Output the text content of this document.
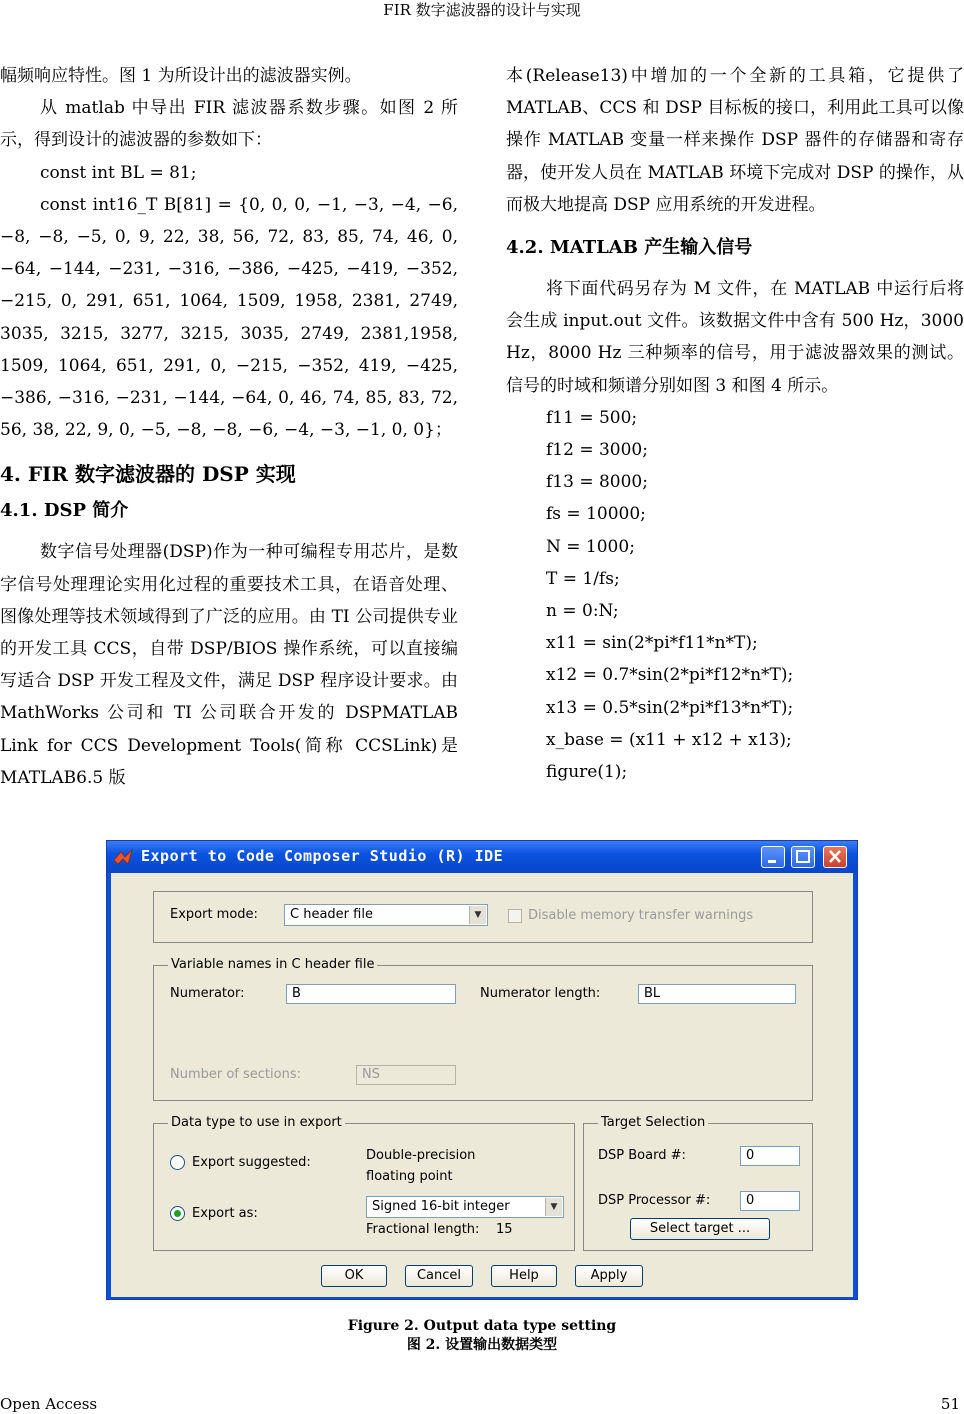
FIR 数字滤波器的设计与实现

幅频响应特性。图 1 为所设计出的滤波器实例。

从 matlab 中导出 FIR 滤波器系数步骤。如图 2 所示，得到设计的滤波器的参数如下：

const int BL = 81;

const int16_T B[81] = {0, 0, 0, −1, −3, −4, −6, −8, −8, −5, 0, 9, 22, 38, 56, 72, 83, 85, 74, 46, 0, −64, −144, −231, −316, −386, −425, −419, −352, −215, 0, 291, 651, 1064, 1509, 1958, 2381, 2749, 3035, 3215, 3277, 3215, 3035, 2749, 2381,1958, 1509, 1064, 651, 291, 0, −215, −352, 419, −425, −386, −316, −231, −144, −64, 0, 46, 74, 85, 83, 72, 56, 38, 22, 9, 0, −5, −8, −8, −6, −4, −3, −1, 0, 0}；

4. FIR 数字滤波器的 DSP 实现
4.1. DSP 简介

数字信号处理器(DSP)作为一种可编程专用芯片，是数字信号处理理论实用化过程的重要技术工具，在语音处理、图像处理等技术领域得到了广泛的应用。由 TI 公司提供专业的开发工具 CCS，自带 DSP/BIOS 操作系统，可以直接编写适合 DSP 开发工程及文件，满足 DSP 程序设计要求。由 MathWorks 公司和 TI 公司联合开发的 DSPMATLAB Link for CCS Development Tools(简称 CCSLink)是 MATLAB6.5 版

本(Release13)中增加的一个全新的工具箱，它提供了 MATLAB、CCS 和 DSP 目标板的接口，利用此工具可以像操作 MATLAB 变量一样来操作 DSP 器件的存储器和寄存器，使开发人员在 MATLAB 环境下完成对 DSP 的操作，从而极大地提高 DSP 应用系统的开发进程。

4.2. MATLAB 产生输入信号

将下面代码另存为 M 文件，在 MATLAB 中运行后将会生成 input.out 文件。该数据文件中含有 500 Hz，3000 Hz，8000 Hz 三种频率的信号，用于滤波器效果的测试。信号的时域和频谱分别如图 3 和图 4 所示。

f11 = 500;

f12 = 3000;

f13 = 8000;

fs = 10000;

N = 1000;

T = 1/fs;

n = 0:N;

x11 = sin(2*pi*f11*n*T);

x12 = 0.7*sin(2*pi*f12*n*T);

x13 = 0.5*sin(2*pi*f13*n*T);

x_base = (x11 + x12 + x13);

figure(1);

Export to Code Composer Studio (R) IDE
Export mode:	C header file	▼	Disable memory transfer warnings
Variable names in C header file
Numerator:	B	Numerator length:	BL
Number of sections:	NS
Data type to use in export
Export suggested:	Double-precision
floating point
Export as:	Signed 16-bit integer	▼
Fractional length: 15
Target Selection
DSP Board #:	0
DSP Processor #:	0
Select target ...
OK	Cancel	Help	Apply
Figure 2. Output data type setting
图 2. 设置输出数据类型
Open Access	51
